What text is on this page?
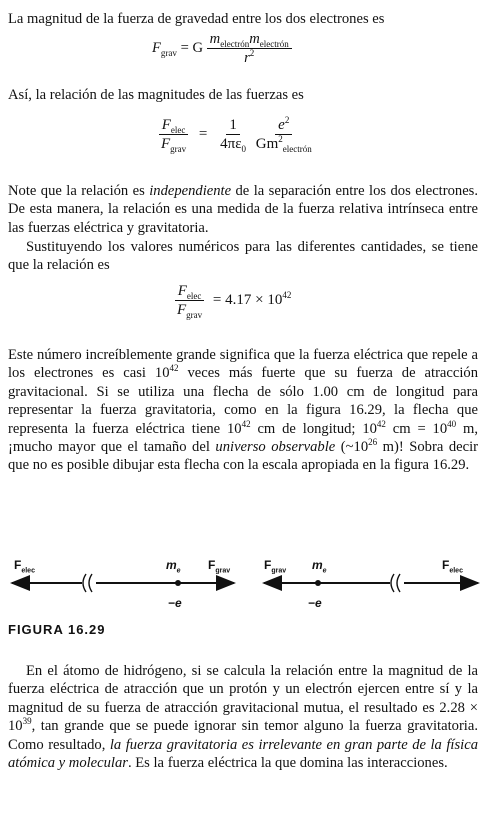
La magnitud de la fuerza de gravedad entre los dos electrones es

$F_{grav} = G \frac{m_{electrón}m_{electrón}}{r^2}$

Así, la relación de las magnitudes de las fuerzas es

$\frac{F_{elec}}{F_{grav}} = \frac{1}{4\pi\varepsilon_0}$
$\frac{e^2}{Gm^2_{electrón}}$

Note que la relación es independiente de la separación entre los dos electrones. De esta manera, la relación es una medida de la fuerza relativa intrínseca entre las fuerzas eléctrica y gravitatoria.

Sustituyendo los valores numéricos para las diferentes cantidades, se tiene que la relación es

$\frac{F_{elec}}{F_{grav}} = 4.17 \times 10^{42}$

Este número increíblemente grande significa que la fuerza eléctrica que repele a los electrones es casi $10^{42}$ veces más fuerte que su fuerza de atracción gravitacional. Si se utiliza una flecha de sólo 1.00 cm de longitud para representar la fuerza gravitatoria, como en la figura 16.29, la flecha que representa la fuerza eléctrica tiene $10^{42}$ cm de longitud; $10^{42}$ cm = $10^{40}$ m, ¡mucho mayor que el tamaño del universo observable ($\sim 10^{26}$ m)! Sobra decir que no es posible dibujar esta flecha con la escala apropiada en la figura 16.29.

$F_{elec}$	$m_e$ $F_{grav}$
−e
$F_{grav}$ $m_e$	$F_{elec}$
−e
FIGURA 16.29

En el átomo de hidrógeno, si se calcula la relación entre la magnitud de la fuerza eléctrica de atracción que un protón y un electrón ejercen entre sí y la magnitud de su fuerza de atracción gravitacional mutua, el resultado es $2.28 \times 10^{39}$, tan grande que se puede ignorar sin temor alguno la fuerza gravitatoria. Como resultado, la fuerza gravitatoria es irrelevante en gran parte de la física atómica y molecular. Es la fuerza eléctrica la que domina las interacciones.
